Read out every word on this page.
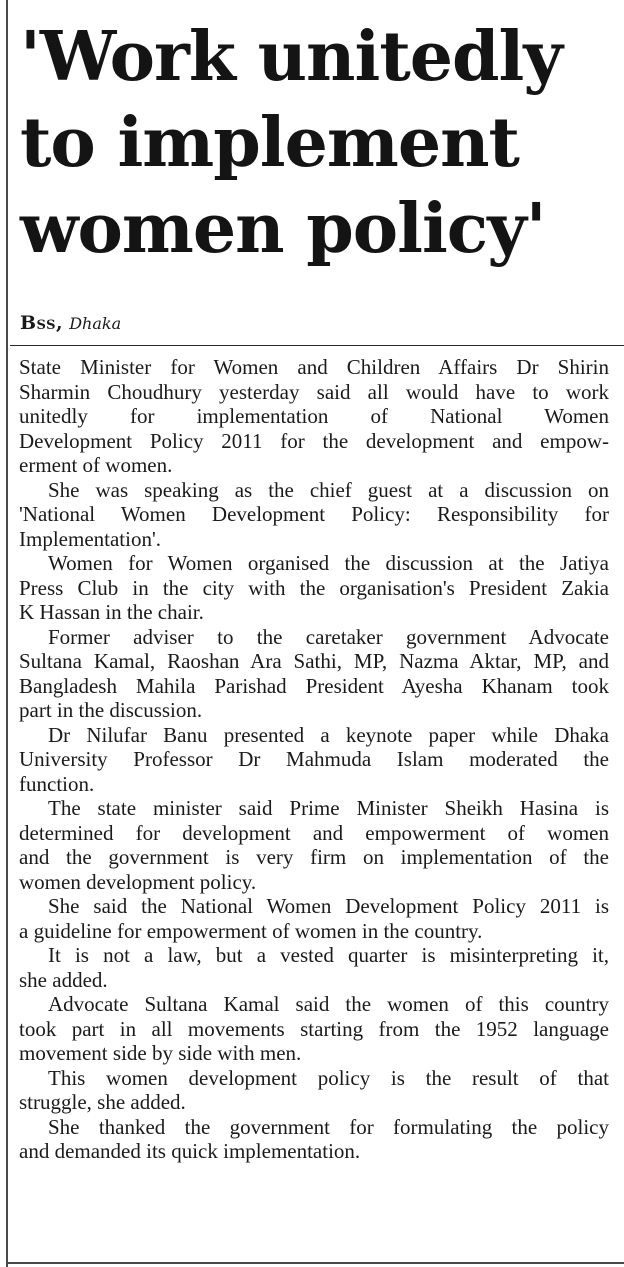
'Work unitedly
to implement
women policy'
Bss, Dhaka
State Minister for Women and Children Affairs Dr Shirin
Sharmin Choudhury yesterday said all would have to work
unitedly for implementation of National Women
Development Policy 2011 for the development and empow-
erment of women.
She was speaking as the chief guest at a discussion on
'National Women Development Policy: Responsibility for
Implementation'.
Women for Women organised the discussion at the Jatiya
Press Club in the city with the organisation's President Zakia
K Hassan in the chair.
Former adviser to the caretaker government Advocate
Sultana Kamal, Raoshan Ara Sathi, MP, Nazma Aktar, MP, and
Bangladesh Mahila Parishad President Ayesha Khanam took
part in the discussion.
Dr Nilufar Banu presented a keynote paper while Dhaka
University Professor Dr Mahmuda Islam moderated the
function.
The state minister said Prime Minister Sheikh Hasina is
determined for development and empowerment of women
and the government is very firm on implementation of the
women development policy.
She said the National Women Development Policy 2011 is
a guideline for empowerment of women in the country.
It is not a law, but a vested quarter is misinterpreting it,
she added.
Advocate Sultana Kamal said the women of this country
took part in all movements starting from the 1952 language
movement side by side with men.
This women development policy is the result of that
struggle, she added.
She thanked the government for formulating the policy
and demanded its quick implementation.
